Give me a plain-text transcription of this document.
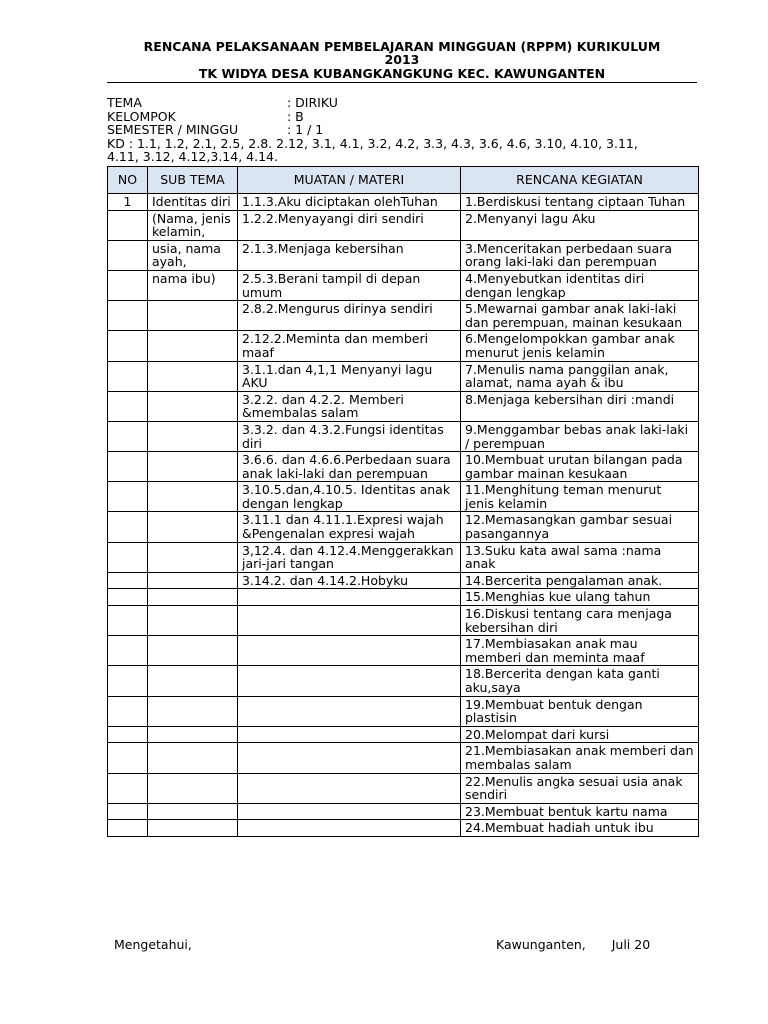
RENCANA PELAKSANAAN PEMBELAJARAN MINGGUAN (RPPM) KURIKULUM
2013
TK WIDYA DESA KUBANGKANGKUNG KEC. KAWUNGANTEN
TEMA	: DIRIKU
KELOMPOK	: B
SEMESTER / MINGGU	: 1 / 1
KD : 1.1, 1.2, 2.1, 2.5, 2.8. 2.12, 3.1, 4.1, 3.2, 4.2, 3.3, 4.3, 3.6, 4.6, 3.10, 4.10, 3.11,
4.11, 3.12, 4.12,3.14, 4.14.
NO	SUB TEMA	MUATAN / MATERI	RENCANA KEGIATAN
1	Identitas diri	1.1.3.Aku diciptakan olehTuhan	1.Berdiskusi tentang ciptaan Tuhan
	(Nama, jenis kelamin,	1.2.2.Menyayangi diri sendiri	2.Menyanyi lagu Aku
	usia, nama ayah,	2.1.3.Menjaga kebersihan	3.Menceritakan perbedaan suara orang laki-laki dan perempuan
	nama ibu)	2.5.3.Berani tampil di depan umum	4.Menyebutkan identitas diri dengan lengkap
		2.8.2.Mengurus dirinya sendiri	5.Mewarnai gambar anak laki-laki dan perempuan, mainan kesukaan
		2.12.2.Meminta dan memberi maaf	6.Mengelompokkan gambar anak menurut jenis kelamin
		3.1.1.dan 4,1,1 Menyanyi lagu AKU	7.Menulis nama panggilan anak, alamat, nama ayah & ibu
		3.2.2. dan 4.2.2. Memberi &membalas salam	8.Menjaga kebersihan diri :mandi
		3.3.2. dan 4.3.2.Fungsi identitas diri	9.Menggambar bebas anak laki-laki / perempuan
		3.6.6. dan 4.6.6.Perbedaan suara anak laki-laki dan perempuan	10.Membuat urutan bilangan pada gambar mainan kesukaan
		3.10.5.dan,4.10.5. Identitas anak dengan lengkap	11.Menghitung teman menurut jenis kelamin
		3.11.1 dan 4.11.1.Expresi wajah &Pengenalan expresi wajah	12.Memasangkan gambar sesuai pasangannya
		3,12.4. dan 4.12.4.Menggerakkan jari-jari tangan	13.Suku kata awal sama :nama anak
		3.14.2. dan 4.14.2.Hobyku	14.Bercerita pengalaman anak.
			15.Menghias kue ulang tahun
			16.Diskusi tentang cara menjaga kebersihan diri
			17.Membiasakan anak mau memberi dan meminta maaf
			18.Bercerita dengan kata ganti aku,saya
			19.Membuat bentuk dengan plastisin
			20.Melompat dari kursi
			21.Membiasakan anak memberi dan membalas salam
			22.Menulis angka sesuai usia anak sendiri
			23.Membuat bentuk kartu nama
			24.Membuat hadiah untuk ibu
Mengetahui,	Kawunganten, Juli 20
